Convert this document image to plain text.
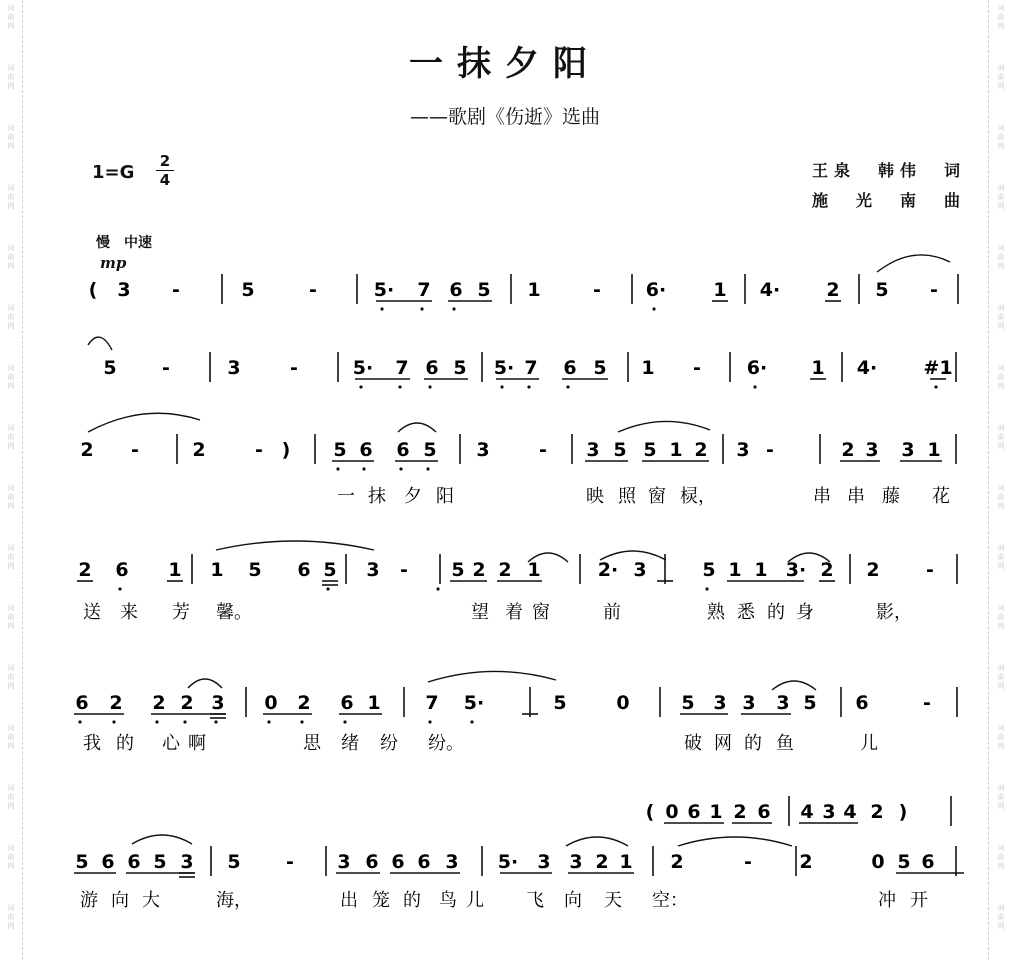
词
曲
网
词
曲
网
词
曲
网
词
曲
网
词
曲
网
词
曲
网
词
曲
网
词
曲
网
词
曲
网
词
曲
网
词
曲
网
词
曲
网
词
曲
网
词
曲
网
词
曲
网
词
曲
网
词
曲
网
词
曲
网
词
曲
网
词
曲
网
词
曲
网
词
曲
网
词
曲
网
词
曲
网
词
曲
网
词
曲
网
词
曲
网
词
曲
网
词
曲
网
词
曲
网
词
曲
网
词
曲
网
一抹夕阳
——歌剧《伤逝》选曲
$1=G \frac{2}{4}$	王泉　韩伟　词
施　光　南　曲
慢　中速
mp
( 3 -	5	-	5· 7 6 5 1	- 6· 1 4· 2 5 -
5 -	3	-	5· 7 6 5 5· 7 6 5 1 - 6· 1 4· #1
2 -	2	- ) 5 6 6 5 3	- 3 5 5 1 2 3 -	2 3 3 1
一 抹 夕 阳	映 照 窗 棂，	串 串 藤 花
2 6 1 1 5 6 5 3 - 5 2 2 1	2· 3	5 1 1 3· 2 2 -
送 来 芳 馨。	望 着 窗	前	熟 悉 的 身	影，
6 2 2 2 3 0 2 6 1 7 5·	5	0	5 3 3 3 5 6	-
我 的 心 啊	思 绪 纷 纷。	破 网 的 鱼	儿
5 6 6 5 3 5 - 3 6 6 6 3 5· 3 3 2 1 2	- 2	0 5 6
( 0 6 1 2 6 4 3 4 2 )
游 向 大	海，	出 笼 的 鸟 儿 飞 向 天 空：	冲 开
